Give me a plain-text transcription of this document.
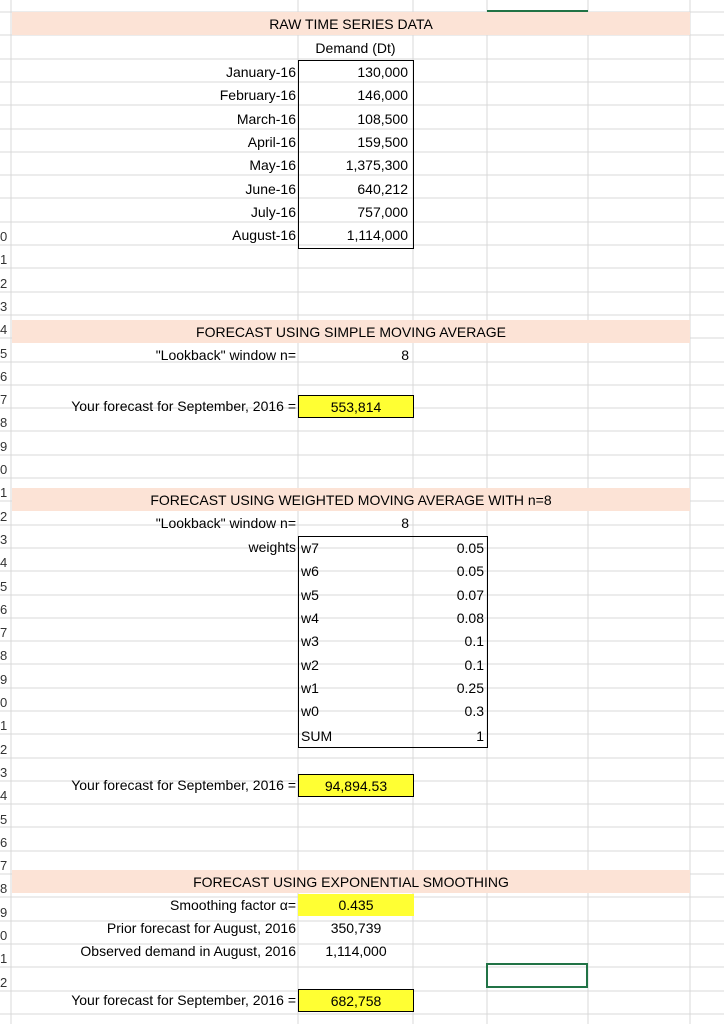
0
1
2
3
4
5
6
7
8
9
0
1
2
3
4
5
6
7
8
9
0
1
2
3
4
5
6
7
8
9
0
1
2
RAW TIME SERIES DATA
Demand (Dt)
January-16	130,000
February-16	146,000
March-16	108,500
April-16	159,500
May-16	1,375,300
June-16	640,212
July-16	757,000
August-16	1,114,000
FORECAST USING SIMPLE MOVING AVERAGE
"Lookback" window n=	8
Your forecast for September, 2016 =	553,814
FORECAST USING WEIGHTED MOVING AVERAGE WITH n=8
"Lookback" window n=	8
weights w7	0.05
w6	0.05
w5	0.07
w4	0.08
w3	0.1
w2	0.1
w1	0.25
w0	0.3
SUM	1
Your forecast for September, 2016 =	94,894.53
FORECAST USING EXPONENTIAL SMOOTHING
Smoothing factor α=	0.435
Prior forecast for August, 2016	350,739
Observed demand in August, 2016	1,114,000
Your forecast for September, 2016 =	682,758
